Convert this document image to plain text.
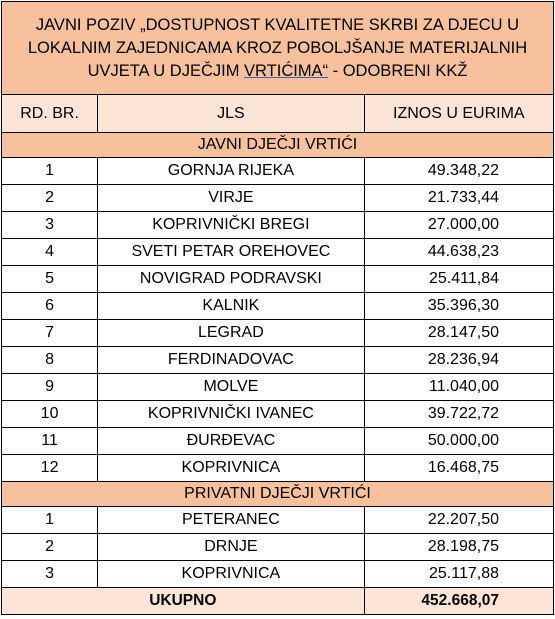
JAVNI POZIV „DOSTUPNOST KVALITETNE SKRBI ZA DJECU U LOKALNIM ZAJEDNICAMA KROZ POBOLJŠANJE MATERIJALNIH UVJETA U DJEČJIM VRTIĆIMA“ - ODOBRENI KKŽ		
RD. BR.	JLS	IZNOS U EURIMA
JAVNI DJEČJI VRTIĆI		
1	GORNJA RIJEKA	49.348,22
2	VIRJE	21.733,44
3	KOPRIVNIČKI BREGI	27.000,00
4	SVETI PETAR OREHOVEC	44.638,23
5	NOVIGRAD PODRAVSKI	25.411,84
6	KALNIK	35.396,30
7	LEGRAD	28.147,50
8	FERDINADOVAC	28.236,94
9	MOLVE	11.040,00
10	KOPRIVNIČKI IVANEC	39.722,72
11	ĐURĐEVAC	50.000,00
12	KOPRIVNICA	16.468,75
PRIVATNI DJEČJI VRTIĆI		
1	PETERANEC	22.207,50
2	DRNJE	28.198,75
3	KOPRIVNICA	25.117,88
UKUPNO		452.668,07
